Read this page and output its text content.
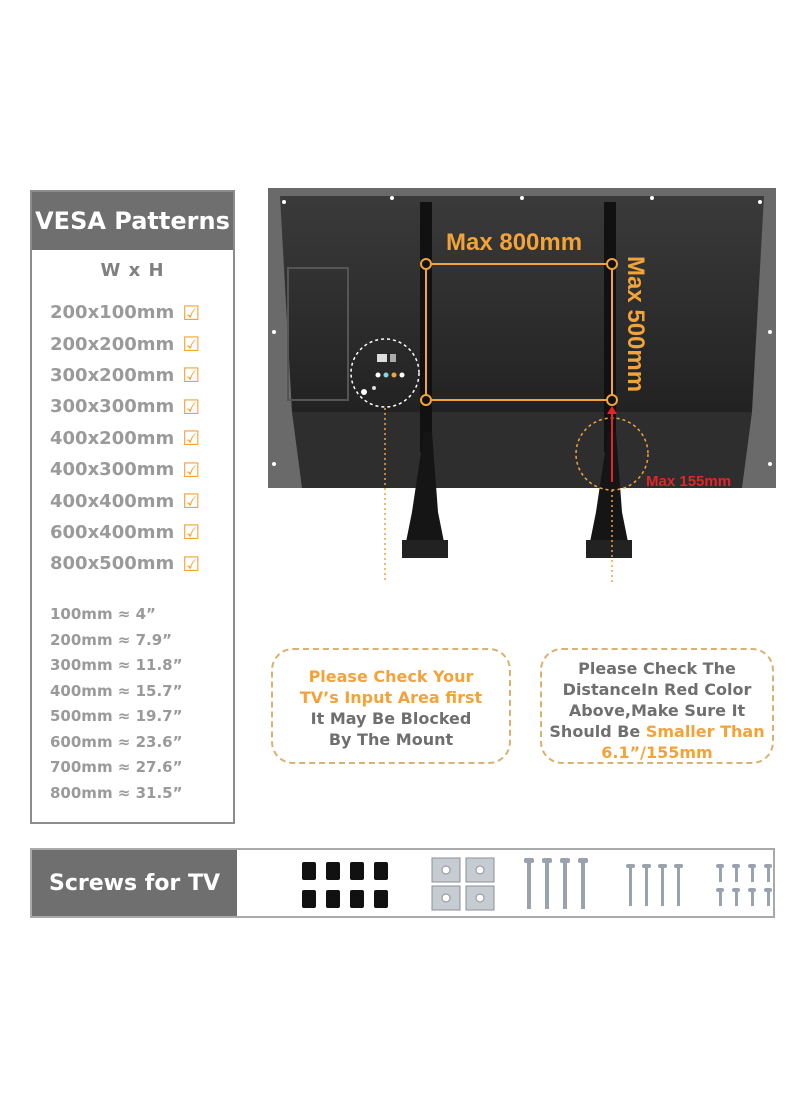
VESA Patterns
W x H
200x100mm ☑
200x200mm ☑
300x200mm ☑
300x300mm ☑
400x200mm ☑
400x300mm ☑
400x400mm ☑
600x400mm ☑
800x500mm ☑
100mm ≈ 4”
200mm ≈ 7.9”
300mm ≈ 11.8”
400mm ≈ 15.7”
500mm ≈ 19.7”
600mm ≈ 23.6”
700mm ≈ 27.6”
800mm ≈ 31.5”
Max 800mm
Max 500mm
Max 155mm
Please Check Your
TV’s Input Area first
It May Be Blocked
By The Mount
Please Check The
DistanceIn Red Color
Above,Make Sure It
Should Be Smaller Than
6.1”/155mm
Screws for TV
